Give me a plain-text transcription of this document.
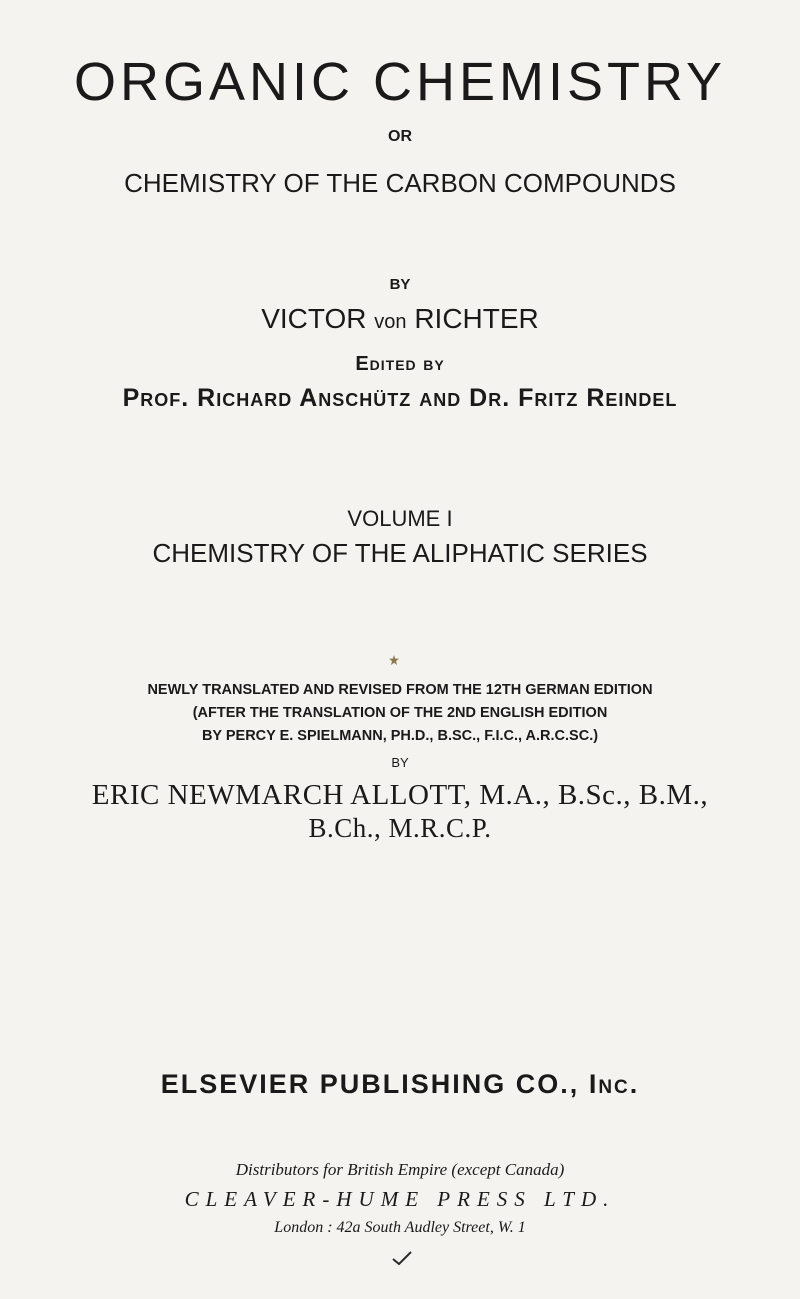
ORGANIC CHEMISTRY
OR
CHEMISTRY OF THE CARBON COMPOUNDS
BY
VICTOR von RICHTER
Edited by
Prof. Richard Anschütz and Dr. Fritz Reindel
VOLUME I
CHEMISTRY OF THE ALIPHATIC SERIES
NEWLY TRANSLATED AND REVISED FROM THE 12TH GERMAN EDITION
(AFTER THE TRANSLATION OF THE 2ND ENGLISH EDITION
BY PERCY E. SPIELMANN, PH.D., B.SC., F.I.C., A.R.C.SC.)
BY
ERIC NEWMARCH ALLOTT, M.A., B.Sc., B.M.,
B.Ch., M.R.C.P.
ELSEVIER PUBLISHING CO., Inc.
Distributors for British Empire (except Canada)
CLEAVER-HUME PRESS LTD.
London : 42a South Audley Street, W. 1
